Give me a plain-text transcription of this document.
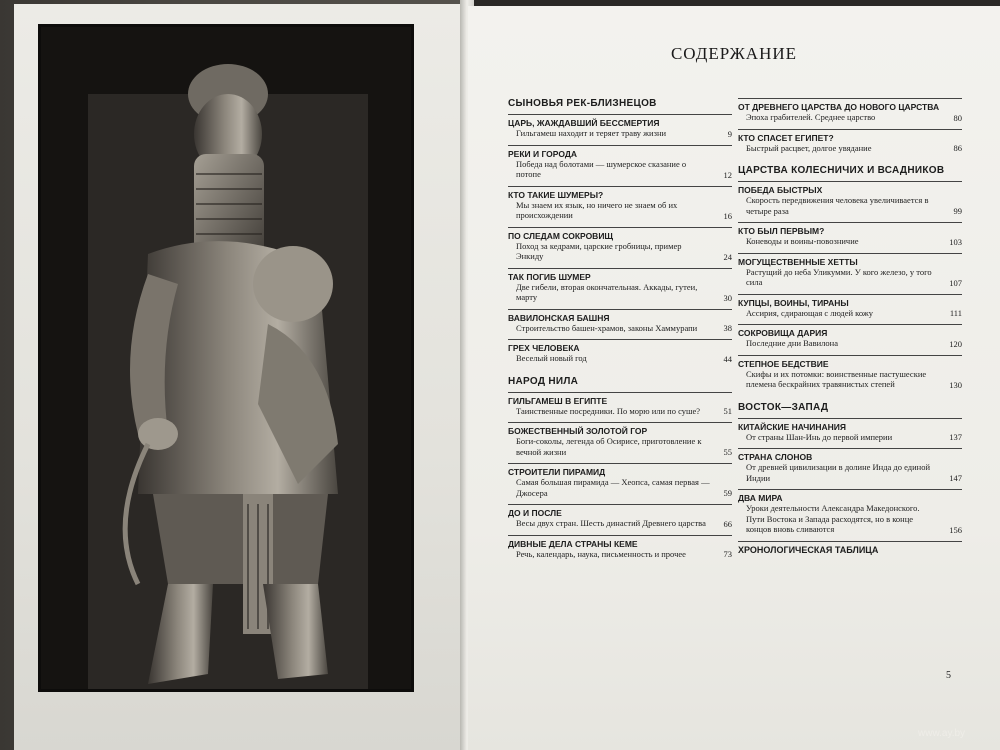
СОДЕРЖАНИЕ
СЫНОВЬЯ РЕК-БЛИЗНЕЦОВ
ЦАРЬ, ЖАЖДАВШИЙ БЕССМЕРТИЯ
Гильгамеш находит и теряет траву жизни	9
РЕКИ И ГОРОДА
Победа над болотами — шумерское сказание о потопе	12
КТО ТАКИЕ ШУМЕРЫ?
Мы знаем их язык, но ничего не знаем об их происхождении	16
ПО СЛЕДАМ СОКРОВИЩ
Поход за кедрами, царские гробницы, пример Энкиду	24
ТАК ПОГИБ ШУМЕР
Две гибели, вторая окончательная. Аккады, гутеи, марту	30
ВАВИЛОНСКАЯ БАШНЯ
Строительство башен-храмов, законы Хаммурапи	38
ГРЕХ ЧЕЛОВЕКА
Веселый новый год	44
НАРОД НИЛА
ГИЛЬГАМЕШ В ЕГИПТЕ
Таинственные посредники. По морю или по суше?	51
БОЖЕСТВЕННЫЙ ЗОЛОТОЙ ГОР
Боги-соколы, легенда об Осирисе, приготовление к вечной жизни	55
СТРОИТЕЛИ ПИРАМИД
Самая большая пирамида — Хеопса, самая первая — Джосера	59
ДО И ПОСЛЕ
Весы двух стран. Шесть династий Древнего царства	66
ДИВНЫЕ ДЕЛА СТРАНЫ КЕМЕ
Речь, календарь, наука, письменность и прочее	73
ОТ ДРЕВНЕГО ЦАРСТВА ДО НОВОГО ЦАРСТВА
Эпоха грабителей. Среднее царство	80
КТО СПАСЕТ ЕГИПЕТ?
Быстрый расцвет, долгое увядание	86
ЦАРСТВА КОЛЕСНИЧИХ И ВСАДНИКОВ
ПОБЕДА БЫСТРЫХ
Скорость передвижения человека увеличивается в четыре раза	99
КТО БЫЛ ПЕРВЫМ?
Коневоды и воины-повозничие	103
МОГУЩЕСТВЕННЫЕ ХЕТТЫ
Растущий до неба Уликумми. У кого железо, у того сила	107
КУПЦЫ, ВОИНЫ, ТИРАНЫ
Ассирия, сдирающая с людей кожу	111
СОКРОВИЩА ДАРИЯ
Последние дни Вавилона	120
СТЕПНОЕ БЕДСТВИЕ
Скифы и их потомки: воинственные пастушеские племена бескрайних травянистых степей	130
ВОСТОК—ЗАПАД
КИТАЙСКИЕ НАЧИНАНИЯ
От страны Шан-Инь до первой империи	137
СТРАНА СЛОНОВ
От древней цивилизации в долине Инда до единой Индии	147
ДВА МИРА
Уроки деятельности Александра Македонского. Пути Востока и Запада расходятся, но в конце концов вновь сливаются	156
ХРОНОЛОГИЧЕСКАЯ ТАБЛИЦА
5
www.ay.by
